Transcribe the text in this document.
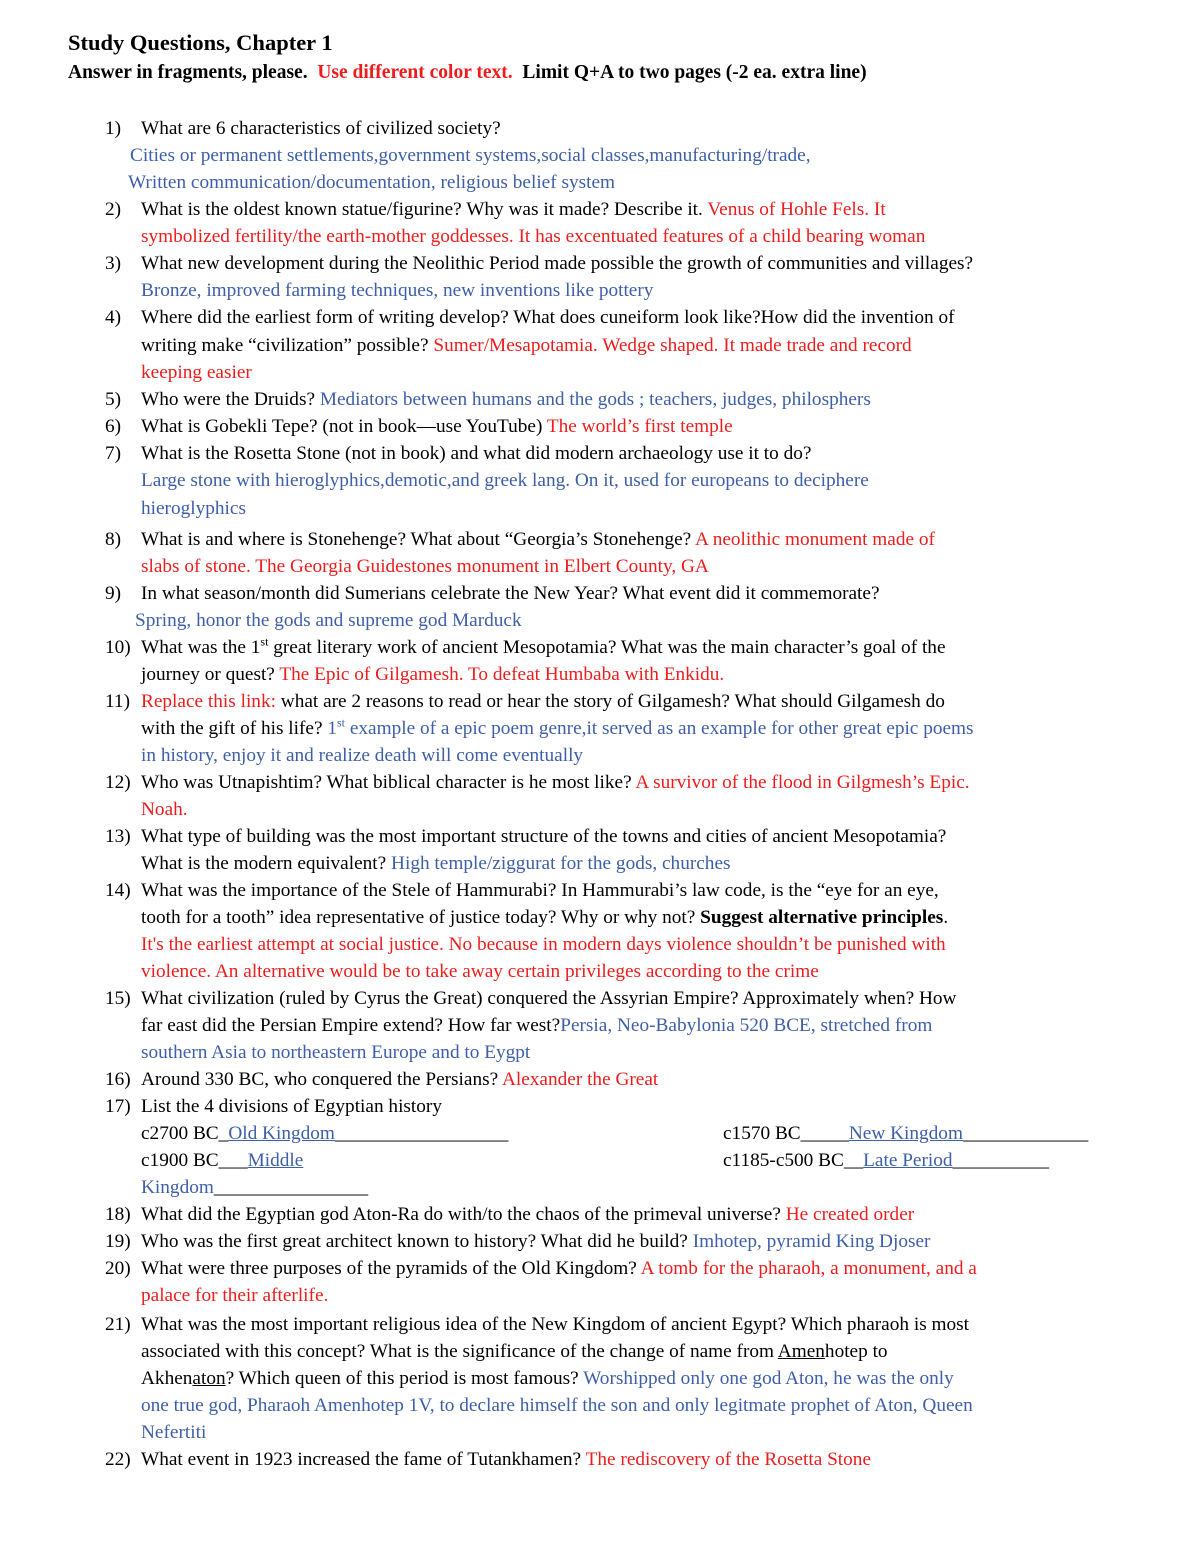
Study Questions, Chapter 1
Answer in fragments, please. Use different color text. Limit Q+A to two pages (-2 ea. extra line)
1)	What are 6 characteristics of civilized society?
Cities or permanent settlements,government systems,social classes,manufacturing/trade,
Written communication/documentation, religious belief system
2)	What is the oldest known statue/figurine? Why was it made? Describe it. Venus of Hohle Fels. It
symbolized fertility/the earth-mother goddesses. It has excentuated features of a child bearing woman
3)	What new development during the Neolithic Period made possible the growth of communities and villages?
Bronze, improved farming techniques, new inventions like pottery
4)	Where did the earliest form of writing develop? What does cuneiform look like?How did the invention of
writing make “civilization” possible? Sumer/Mesapotamia. Wedge shaped. It made trade and record
keeping easier
5)	Who were the Druids? Mediators between humans and the gods ; teachers, judges, philosphers
6)	What is Gobekli Tepe? (not in book—use YouTube) The world’s first temple
7)	What is the Rosetta Stone (not in book) and what did modern archaeology use it to do?
Large stone with hieroglyphics,demotic,and greek lang. On it, used for europeans to deciphere
hieroglyphics
8)	What is and where is Stonehenge? What about “Georgia’s Stonehenge? A neolithic monument made of
slabs of stone. The Georgia Guidestones monument in Elbert County, GA
9)	In what season/month did Sumerians celebrate the New Year? What event did it commemorate?
Spring, honor the gods and supreme god Marduck
10) What was the 1st great literary work of ancient Mesopotamia? What was the main character’s goal of the
journey or quest? The Epic of Gilgamesh. To defeat Humbaba with Enkidu.
11) Replace this link: what are 2 reasons to read or hear the story of Gilgamesh? What should Gilgamesh do
with the gift of his life? 1st example of a epic poem genre,it served as an example for other great epic poems
in history, enjoy it and realize death will come eventually
12) Who was Utnapishtim? What biblical character is he most like? A survivor of the flood in Gilgmesh’s Epic.
Noah.
13) What type of building was the most important structure of the towns and cities of ancient Mesopotamia?
What is the modern equivalent? High temple/ziggurat for the gods, churches
14) What was the importance of the Stele of Hammurabi? In Hammurabi’s law code, is the “eye for an eye,
tooth for a tooth” idea representative of justice today? Why or why not? Suggest alternative principles.
It's the earliest attempt at social justice. No because in modern days violence shouldn’t be punished with
violence. An alternative would be to take away certain privileges according to the crime
15) What civilization (ruled by Cyrus the Great) conquered the Assyrian Empire? Approximately when? How
far east did the Persian Empire extend? How far west?Persia, Neo-Babylonia 520 BCE, stretched from
southern Asia to northeastern Europe and to Eygpt
16) Around 330 BC, who conquered the Persians? Alexander the Great
17) List the 4 divisions of Egyptian history
c2700 BC_Old Kingdom__________________	c1570 BC_____New Kingdom_____________
c1900 BC___Middle	c1185-c500 BC__Late Period__________
Kingdom________________
18) What did the Egyptian god Aton-Ra do with/to the chaos of the primeval universe? He created order
19) Who was the first great architect known to history? What did he build? Imhotep, pyramid King Djoser
20) What were three purposes of the pyramids of the Old Kingdom? A tomb for the pharaoh, a monument, and a
palace for their afterlife.
21) What was the most important religious idea of the New Kingdom of ancient Egypt? Which pharaoh is most
associated with this concept? What is the significance of the change of name from Amenhotep to
Akhenaton? Which queen of this period is most famous? Worshipped only one god Aton, he was the only
one true god, Pharaoh Amenhotep 1V, to declare himself the son and only legitmate prophet of Aton, Queen
Nefertiti
22) What event in 1923 increased the fame of Tutankhamen? The rediscovery of the Rosetta Stone
